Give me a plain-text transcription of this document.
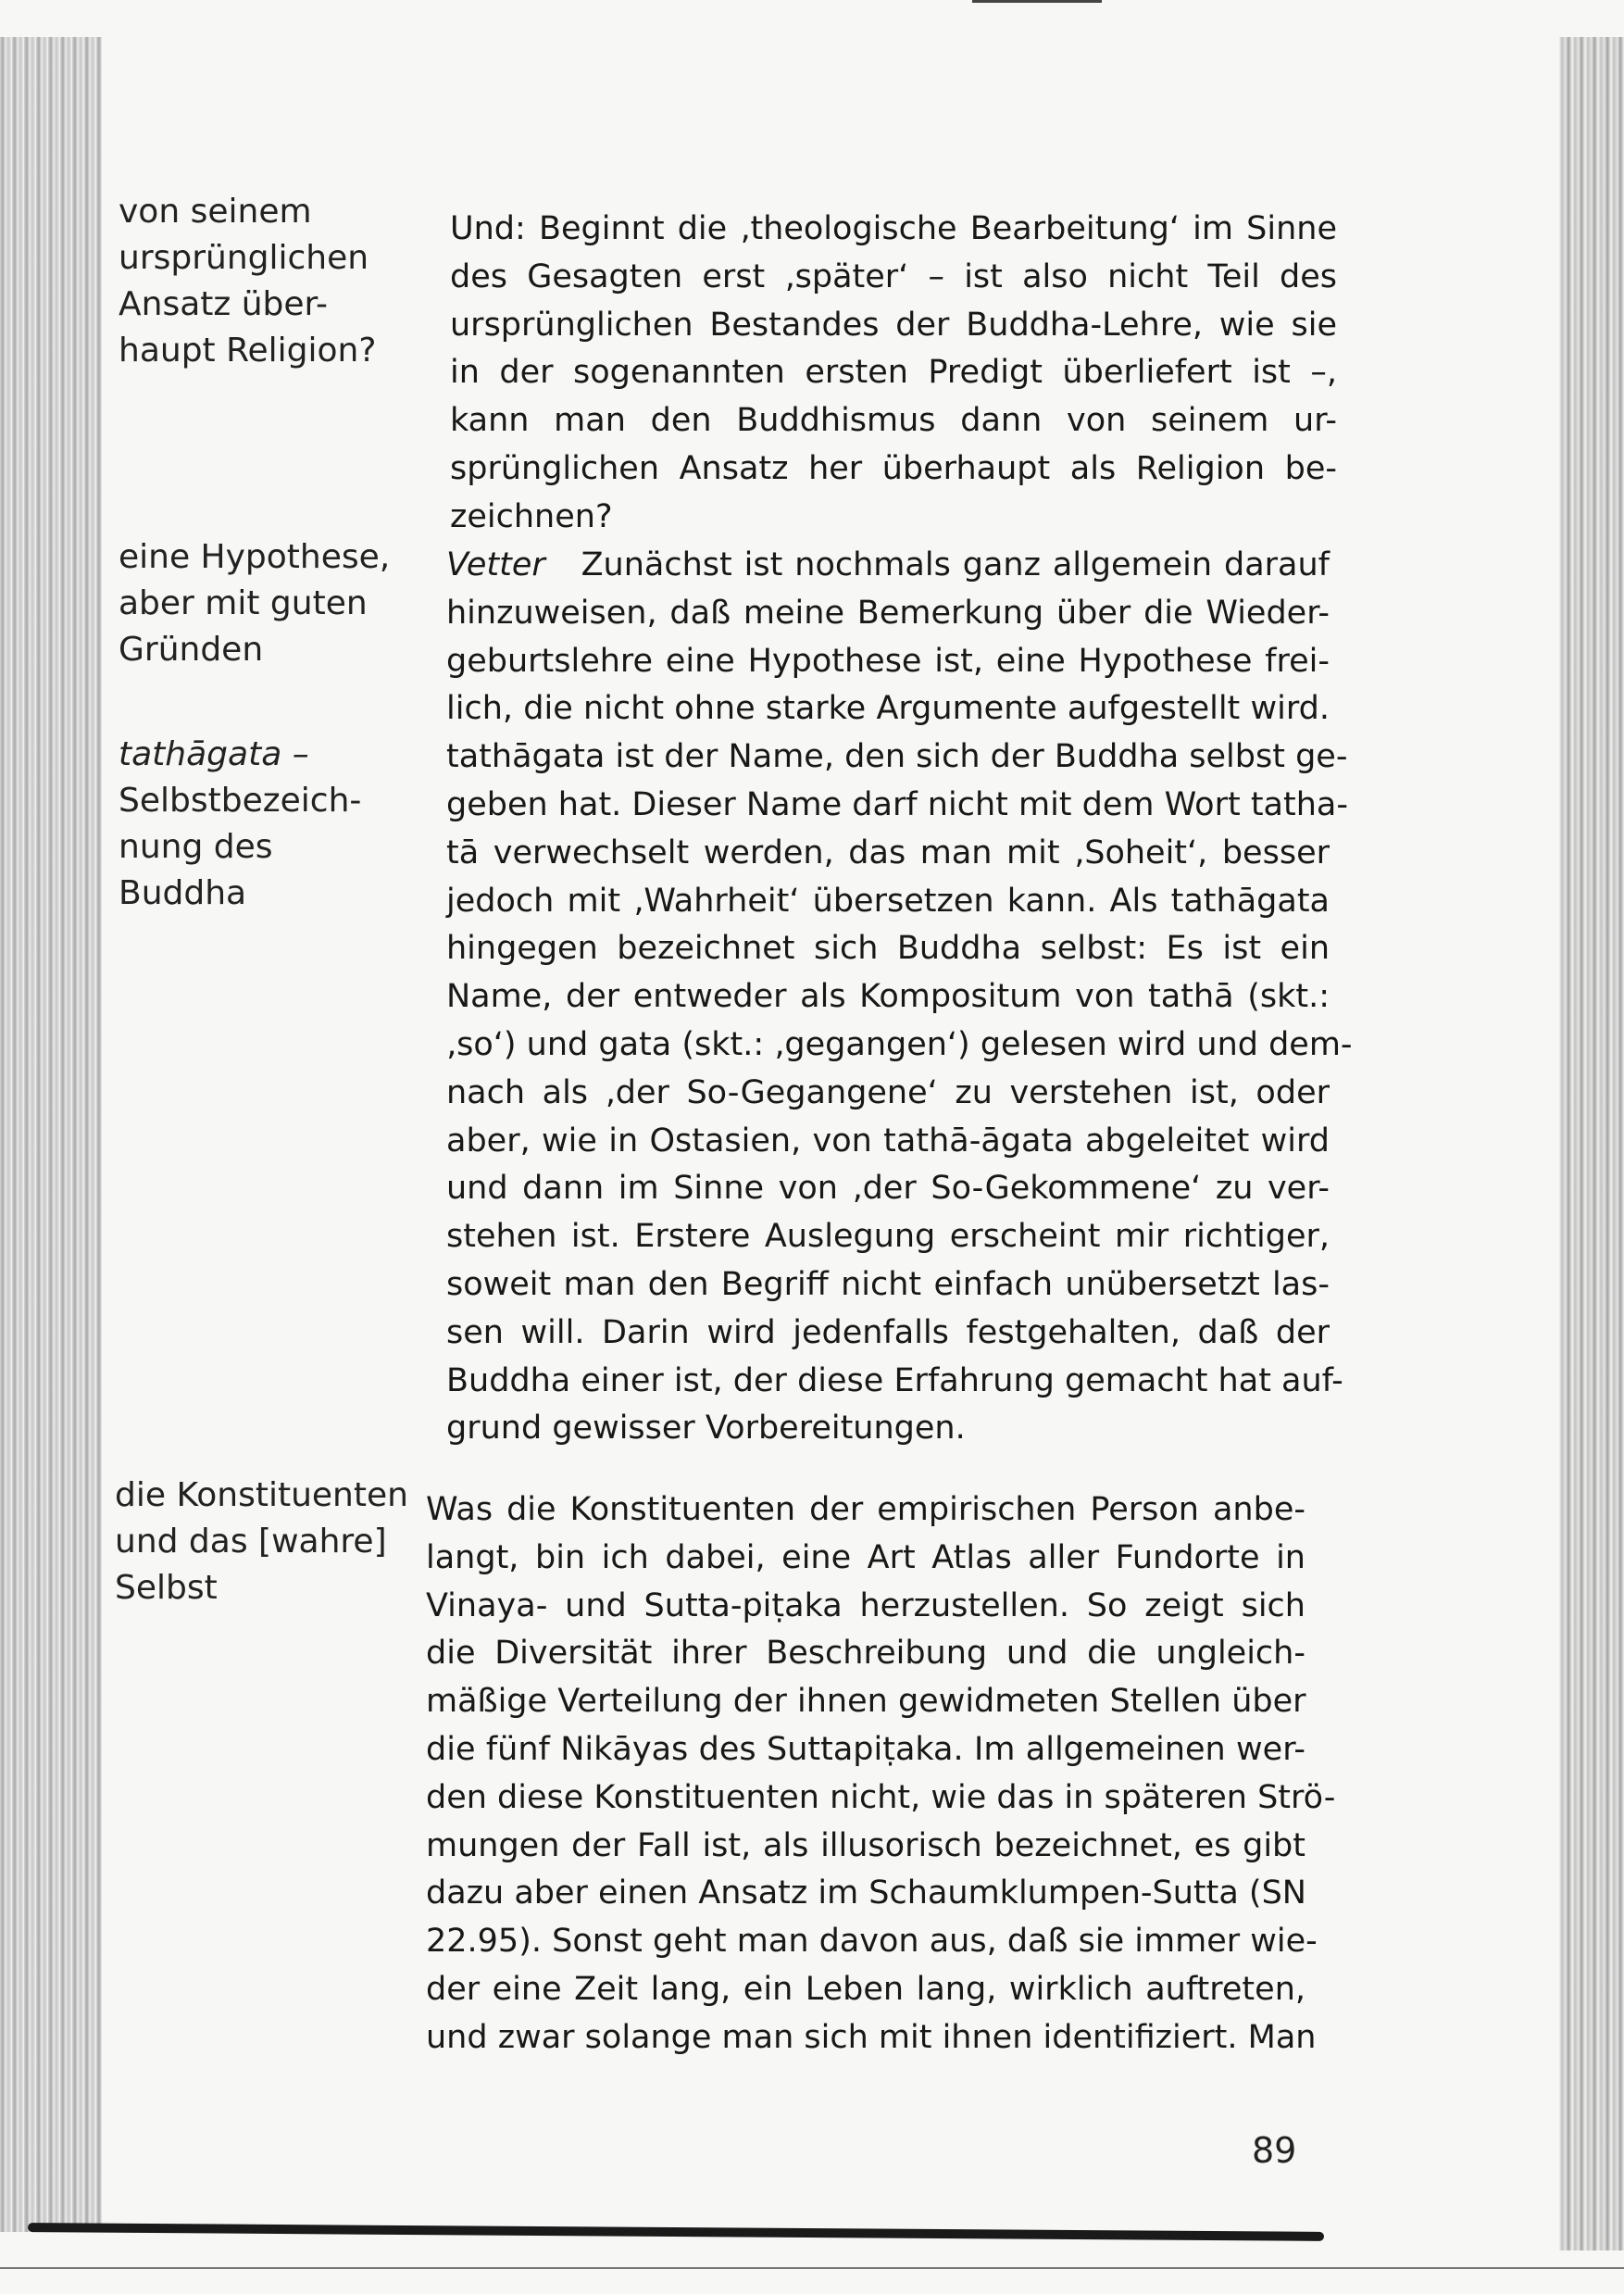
von seinem
ursprünglichen
Ansatz über-
haupt Religion?
eine Hypothese,
aber mit guten
Gründen
tathāgata –
Selbstbezeich-
nung des
Buddha
die Konstituenten
und das [wahre]
Selbst
Und: Beginnt die ‚theologische Bearbeitung‘ im Sinne
des Gesagten erst ‚später‘ – ist also nicht Teil des
ursprünglichen Bestandes der Buddha-Lehre, wie sie
in der sogenannten ersten Predigt überliefert ist –,
kann man den Buddhismus dann von seinem ur-
sprünglichen Ansatz her überhaupt als Religion be-
zeichnen?
Vetter Zunächst ist nochmals ganz allgemein darauf
hinzuweisen, daß meine Bemerkung über die Wieder-
geburtslehre eine Hypothese ist, eine Hypothese frei-
lich, die nicht ohne starke Argumente aufgestellt wird.
tathāgata ist der Name, den sich der Buddha selbst ge-
geben hat. Dieser Name darf nicht mit dem Wort tatha-
tā verwechselt werden, das man mit ‚Soheit‘, besser
jedoch mit ‚Wahrheit‘ übersetzen kann. Als tathāgata
hingegen bezeichnet sich Buddha selbst: Es ist ein
Name, der entweder als Kompositum von tathā (skt.:
‚so‘) und gata (skt.: ‚gegangen‘) gelesen wird und dem-
nach als ‚der So-Gegangene‘ zu verstehen ist, oder
aber, wie in Ostasien, von tathā-āgata abgeleitet wird
und dann im Sinne von ‚der So-Gekommene‘ zu ver-
stehen ist. Erstere Auslegung erscheint mir richtiger,
soweit man den Begriff nicht einfach unübersetzt las-
sen will. Darin wird jedenfalls festgehalten, daß der
Buddha einer ist, der diese Erfahrung gemacht hat auf-
grund gewisser Vorbereitungen.
Was die Konstituenten der empirischen Person anbe-
langt, bin ich dabei, eine Art Atlas aller Fundorte in
Vinaya- und Sutta-piṭaka herzustellen. So zeigt sich
die Diversität ihrer Beschreibung und die ungleich-
mäßige Verteilung der ihnen gewidmeten Stellen über
die fünf Nikāyas des Suttapiṭaka. Im allgemeinen wer-
den diese Konstituenten nicht, wie das in späteren Strö-
mungen der Fall ist, als illusorisch bezeichnet, es gibt
dazu aber einen Ansatz im Schaumklumpen-Sutta (SN
22.95). Sonst geht man davon aus, daß sie immer wie-
der eine Zeit lang, ein Leben lang, wirklich auftreten,
und zwar solange man sich mit ihnen identifiziert. Man
89
